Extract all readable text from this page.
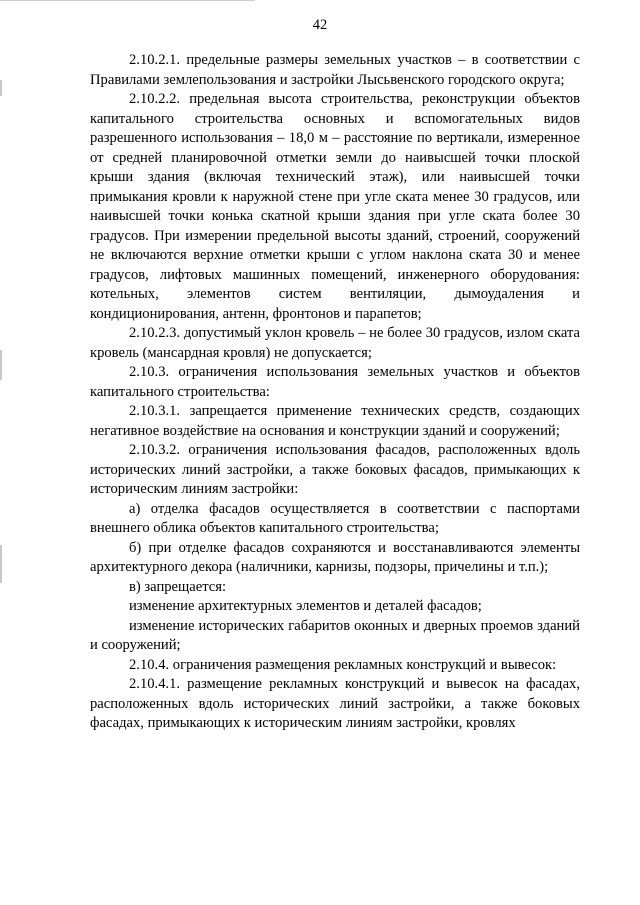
42

2.10.2.1. предельные размеры земельных участков – в соответствии с Правилами землепользования и застройки Лысьвенского городского округа;

2.10.2.2. предельная высота строительства, реконструкции объектов капитального строительства основных и вспомогательных видов разрешенного использования – 18,0 м – расстояние по вертикали, измеренное от средней планировочной отметки земли до наивысшей точки плоской крыши здания (включая технический этаж), или наивысшей точки примыкания кровли к наружной стене при угле ската менее 30 градусов, или наивысшей точки конька скатной крыши здания при угле ската более 30 градусов. При измерении предельной высоты зданий, строений, сооружений не включаются верхние отметки крыши с углом наклона ската 30 и менее градусов, лифтовых машинных помещений, инженерного оборудования: котельных, элементов систем вентиляции, дымоудаления и кондиционирования, антенн, фронтонов и парапетов;

2.10.2.3. допустимый уклон кровель – не более 30 градусов, излом ската кровель (мансардная кровля) не допускается;

2.10.3. ограничения использования земельных участков и объектов капитального строительства:

2.10.3.1. запрещается применение технических средств, создающих негативное воздействие на основания и конструкции зданий и сооружений;

2.10.3.2. ограничения использования фасадов, расположенных вдоль исторических линий застройки, а также боковых фасадов, примыкающих к историческим линиям застройки:

а) отделка фасадов осуществляется в соответствии с паспортами внешнего облика объектов капитального строительства;

б) при отделке фасадов сохраняются и восстанавливаются элементы архитектурного декора (наличники, карнизы, подзоры, причелины и т.п.);

в) запрещается:

изменение архитектурных элементов и деталей фасадов;

изменение исторических габаритов оконных и дверных проемов зданий и сооружений;

2.10.4. ограничения размещения рекламных конструкций и вывесок:

2.10.4.1. размещение рекламных конструкций и вывесок на фасадах, расположенных вдоль исторических линий застройки, а также боковых фасадах, примыкающих к историческим линиям застройки, кровлях
